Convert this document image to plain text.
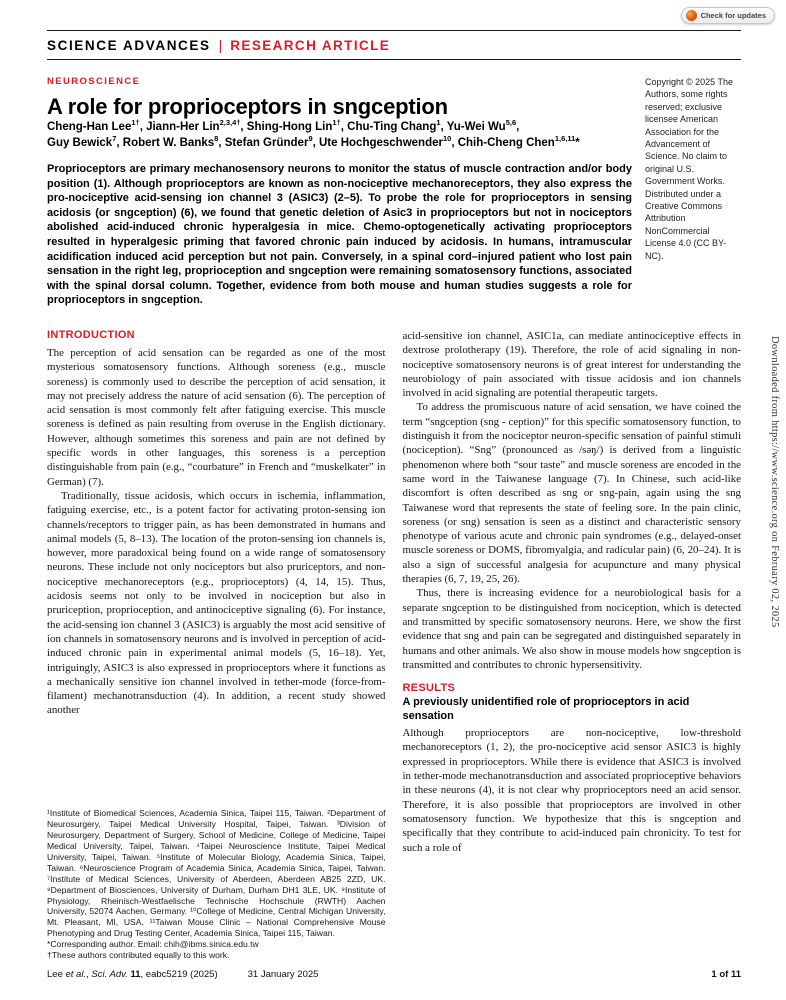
Check for updates
SCIENCE ADVANCES | RESEARCH ARTICLE
NEUROSCIENCE
A role for proprioceptors in sngception
Cheng-Han Lee$^{1\dagger}$, Jiann-Her Lin$^{2,3,4\dagger}$, Shing-Hong Lin$^{1\dagger}$, Chu-Ting Chang$^1$, Yu-Wei Wu$^{5,6}$,
Guy Bewick$^7$, Robert W. Banks$^8$, Stefan Gründer$^9$, Ute Hochgeschwender$^{10}$, Chih-Cheng Chen$^{1,6,11}$*

Proprioceptors are primary mechanosensory neurons to monitor the status of muscle contraction and/or body position (1). Although proprioceptors are known as non-nociceptive mechanoreceptors, they also express the pro-nociceptive acid-sensing ion channel 3 (ASIC3) (2–5). To probe the role for proprioceptors in sensing acidosis (or sngception) (6), we found that genetic deletion of Asic3 in proprioceptors but not in nociceptors abolished acid-induced chronic hyperalgesia in mice. Chemo-optogenetically activating proprioceptors resulted in hyperalgesic priming that favored chronic pain induced by acidosis. In humans, intramuscular acidification induced acid perception but not pain. Conversely, in a spinal cord–injured patient who lost pain sensation in the right leg, proprioception and sngception were remaining somatosensory functions, associated with the spinal dorsal column. Together, evidence from both mouse and human studies suggests a role for proprioceptors in sngception.

Copyright © 2025 The Authors, some rights reserved; exclusive licensee American Association for the Advancement of Science. No claim to original U.S. Government Works. Distributed under a Creative Commons Attribution NonCommercial License 4.0 (CC BY-NC).
INTRODUCTION

The perception of acid sensation can be regarded as one of the most mysterious somatosensory functions. Although soreness (e.g., muscle soreness) is commonly used to describe the perception of acid sensation, it may not precisely address the nature of acid sensation (6). The perception of acid sensation is most commonly felt after fatiguing exercise. This muscle soreness is defined as pain resulting from overuse in the English dictionary. However, although sometimes this soreness and pain are not defined by specific words in other languages, this soreness is a perception distinguishable from pain (e.g., “courbature” in French and “muskelkater” in German) (7).

Traditionally, tissue acidosis, which occurs in ischemia, inflammation, fatiguing exercise, etc., is a potent factor for activating proton-sensing ion channels/receptors to trigger pain, as has been demonstrated in humans and animal models (5, 8–13). The location of the proton-sensing ion channels is, however, more paradoxical being found on a wide range of somatosensory neurons. These include not only nociceptors but also pruriceptors, and non-nociceptive mechanoreceptors (e.g., proprioceptors) (4, 14, 15). Thus, acidosis seems not only to be involved in nociception but also in pruriception, proprioception, and antinociceptive signaling (6). For instance, the acid-sensing ion channel 3 (ASIC3) is arguably the most acid sensitive of ion channels in somatosensory neurons and is involved in perception of acid-induced chronic pain in experimental animal models (5, 16–18). Yet, intriguingly, ASIC3 is also expressed in proprioceptors where it functions as a mechanically sensitive ion channel involved in tether-mode (force-from-filament) mechanotransduction (4). In addition, a recent study showed another

¹Institute of Biomedical Sciences, Academia Sinica, Taipei 115, Taiwan. ²Department of Neurosurgery, Taipei Medical University Hospital, Taipei, Taiwan. ³Division of Neurosurgery, Department of Surgery, School of Medicine, College of Medicine, Taipei Medical University, Taipei, Taiwan. ⁴Taipei Neuroscience Institute, Taipei Medical University, Taipei, Taiwan. ⁵Institute of Molecular Biology, Academia Sinica, Taipei, Taiwan. ⁶Neuroscience Program of Academia Sinica, Academia Sinica, Taipei, Taiwan. ⁷Institute of Medical Sciences, University of Aberdeen, Aberdeen AB25 2ZD, UK. ⁸Department of Biosciences, University of Durham, Durham DH1 3LE, UK. ⁹Institute of Physiology, Rheinisch-Westfaelische Technische Hochschule (RWTH) Aachen University, 52074 Aachen, Germany. ¹⁰College of Medicine, Central Michigan University, Mt. Pleasant, MI, USA. ¹¹Taiwan Mouse Clinic – National Comprehensive Mouse Phenotyping and Drug Testing Center, Academia Sinica, Taipei 115, Taiwan.

*Corresponding author. Email: chih@ibms.sinica.edu.tw

†These authors contributed equally to this work.

acid-sensitive ion channel, ASIC1a, can mediate antinociceptive effects in dextrose prolotherapy (19). Therefore, the role of acid signaling in non-nociceptive somatosensory neurons is of great interest for understanding the neurobiology of pain associated with tissue acidosis and ion channels involved in acid signaling are potential therapeutic targets.

To address the promiscuous nature of acid sensation, we have coined the term “sngception (sng - ception)” for this specific somatosensory function, to distinguish it from the nociceptor neuron-specific sensation of painful stimuli (nociception). “Sng” (pronounced as /səŋ/) is derived from a linguistic phenomenon where both “sour taste” and muscle soreness are encoded in the same word in the Taiwanese language (7). In Chinese, such acid-like discomfort is often described as sng or sng-pain, again using the sng Taiwanese word that represents the state of feeling sore. In the pain clinic, soreness (or sng) sensation is seen as a distinct and characteristic sensory phenotype of various acute and chronic pain syndromes (e.g., delayed-onset muscle soreness or DOMS, fibromyalgia, and radicular pain) (6, 20–24). It is also a sign of successful analgesia for acupuncture and many physical therapies (6, 7, 19, 25, 26).

Thus, there is increasing evidence for a neurobiological basis for a separate sngception to be distinguished from nociception, which is detected and transmitted by specific somatosensory neurons. Here, we show the first evidence that sng and pain can be segregated and distinguished separately in humans and other animals. We also show in mouse models how sngception is transmitted and contributes to chronic hypersensitivity.

RESULTS
A previously unidentified role of proprioceptors in acid sensation

Although proprioceptors are non-nociceptive, low-threshold mechanoreceptors (1, 2), the pro-nociceptive acid sensor ASIC3 is highly expressed in proprioceptors. While there is evidence that ASIC3 is involved in tether-mode mechanotransduction and associated proprioceptive behaviors in these neurons (4), it is not clear why proprioceptors need an acid sensor. Therefore, it is also possible that proprioceptors are involved in other somatosensory function. We hypothesize that this is sngception and specifically that they contribute to acid-induced pain chronicity. To test for such a role of

Downloaded from https://www.science.org on February 02, 2025
Lee et al., Sci. Adv. 11, eabc5219 (2025)	31 January 2025	1 of 11
